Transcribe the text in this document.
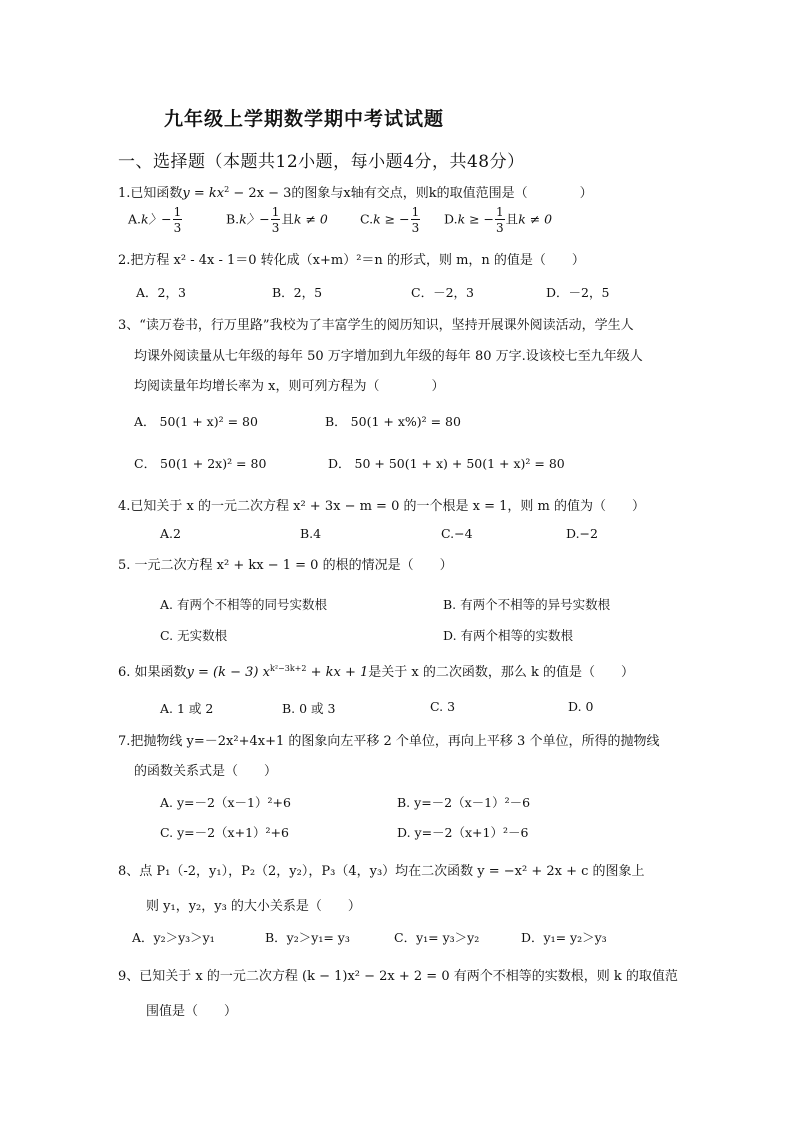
九年级上学期数学期中考试试题
一、选择题（本题共12小题，每小题4分，共48分）
1.已知函数$y = kx^2 - 2x - 3$的图象与x轴有交点，则k的取值范围是（　　　　）
A.k〉− $\frac{1}{3}$	B.k〉− $\frac{1}{3}$ 且k ≠ 0	C.k ≥ − $\frac{1}{3} D.k$ ≥ − $\frac{1}{3}$ 且k ≠ 0
2.把方程 x² - 4x - 1＝0 转化成（x+m）²＝n 的形式，则 m，n 的值是（　　）
A．2，3	B．2，5	C．－2，3	D．－2，5
3、“读万卷书，行万里路”我校为了丰富学生的阅历知识，坚持开展课外阅读活动，学生人
均课外阅读量从七年级的每年 50 万字增加到九年级的每年 80 万字.设该校七至九年级人
均阅读量年均增长率为 x，则可列方程为（　　　　）
A． 50(1 + x)² = 80	B． 50(1 + x%)² = 80
C． 50(1 + 2x)² = 80	D． 50 + 50(1 + x) + 50(1 + x)² = 80
4.已知关于 x 的一元二次方程 x² + 3x − m = 0 的一个根是 x = 1，则 m 的值为（　　）
A.2	B.4	C.−4	D.−2
5. 一元二次方程 x² + kx − 1 = 0 的根的情况是（　　）
A. 有两个不相等的同号实数根	B. 有两个不相等的异号实数根
C. 无实数根	D. 有两个相等的实数根
6. 如果函数y = (k − 3) $x^{k^2-3k+2}$ + kx + 1是关于 x 的二次函数，那么 k 的值是（　　）
A. 1 或 2	B. 0 或 3	C. 3	D. 0
7.把抛物线 y=－2x²+4x+1 的图象向左平移 2 个单位，再向上平移 3 个单位，所得的抛物线
的函数关系式是（　　）
A. y=－2（x－1）²+6	B. y=－2（x－1）²－6
C. y=－2（x+1）²+6	D. y=－2（x+1）²－6
8、点 P₁（-2，y₁），P₂（2，y₂），P₃（4，y₃）均在二次函数 y = −x² + 2x + c 的图象上
则 y₁，y₂，y₃ 的大小关系是（　　）
A．y₂＞y₃＞y₁	B．y₂＞y₁= y₃	C．y₁= y₃＞y₂	D．y₁= y₂＞y₃
9、已知关于 x 的一元二次方程 (k − 1)x² − 2x + 2 = 0 有两个不相等的实数根，则 k 的取值范
围值是（　　）
